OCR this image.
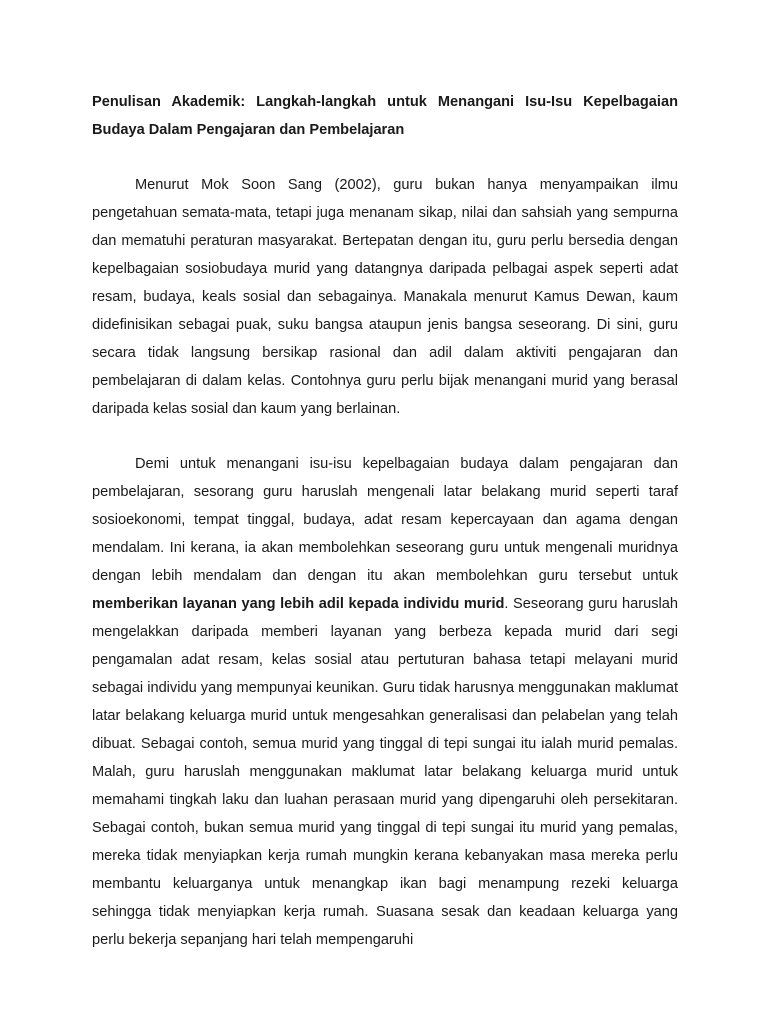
Penulisan Akademik: Langkah-langkah untuk Menangani Isu-Isu Kepelbagaian
Budaya Dalam Pengajaran dan Pembelajaran

Menurut Mok Soon Sang (2002), guru bukan hanya menyampaikan ilmu pengetahuan semata-mata, tetapi juga menanam sikap, nilai dan sahsiah yang sempurna dan mematuhi peraturan masyarakat. Bertepatan dengan itu, guru perlu bersedia dengan kepelbagaian sosiobudaya murid yang datangnya daripada pelbagai aspek seperti adat resam, budaya, keals sosial dan sebagainya. Manakala menurut Kamus Dewan, kaum didefinisikan sebagai puak, suku bangsa ataupun jenis bangsa seseorang. Di sini, guru secara tidak langsung bersikap rasional dan adil dalam aktiviti pengajaran dan pembelajaran di dalam kelas. Contohnya guru perlu bijak menangani murid yang berasal daripada kelas sosial dan kaum yang berlainan.

Demi untuk menangani isu-isu kepelbagaian budaya dalam pengajaran dan pembelajaran, sesorang guru haruslah mengenali latar belakang murid seperti taraf sosioekonomi, tempat tinggal, budaya, adat resam kepercayaan dan agama dengan mendalam. Ini kerana, ia akan membolehkan seseorang guru untuk mengenali muridnya dengan lebih mendalam dan dengan itu akan membolehkan guru tersebut untuk memberikan layanan yang lebih adil kepada individu murid. Seseorang guru haruslah mengelakkan daripada memberi layanan yang berbeza kepada murid dari segi pengamalan adat resam, kelas sosial atau pertuturan bahasa tetapi melayani murid sebagai individu yang mempunyai keunikan. Guru tidak harusnya menggunakan maklumat latar belakang keluarga murid untuk mengesahkan generalisasi dan pelabelan yang telah dibuat. Sebagai contoh, semua murid yang tinggal di tepi sungai itu ialah murid pemalas. Malah, guru haruslah menggunakan maklumat latar belakang keluarga murid untuk memahami tingkah laku dan luahan perasaan murid yang dipengaruhi oleh persekitaran. Sebagai contoh, bukan semua murid yang tinggal di tepi sungai itu murid yang pemalas, mereka tidak menyiapkan kerja rumah mungkin kerana kebanyakan masa mereka perlu membantu keluarganya untuk menangkap ikan bagi menampung rezeki keluarga sehingga tidak menyiapkan kerja rumah. Suasana sesak dan keadaan keluarga yang perlu bekerja sepanjang hari telah mempengaruhi
